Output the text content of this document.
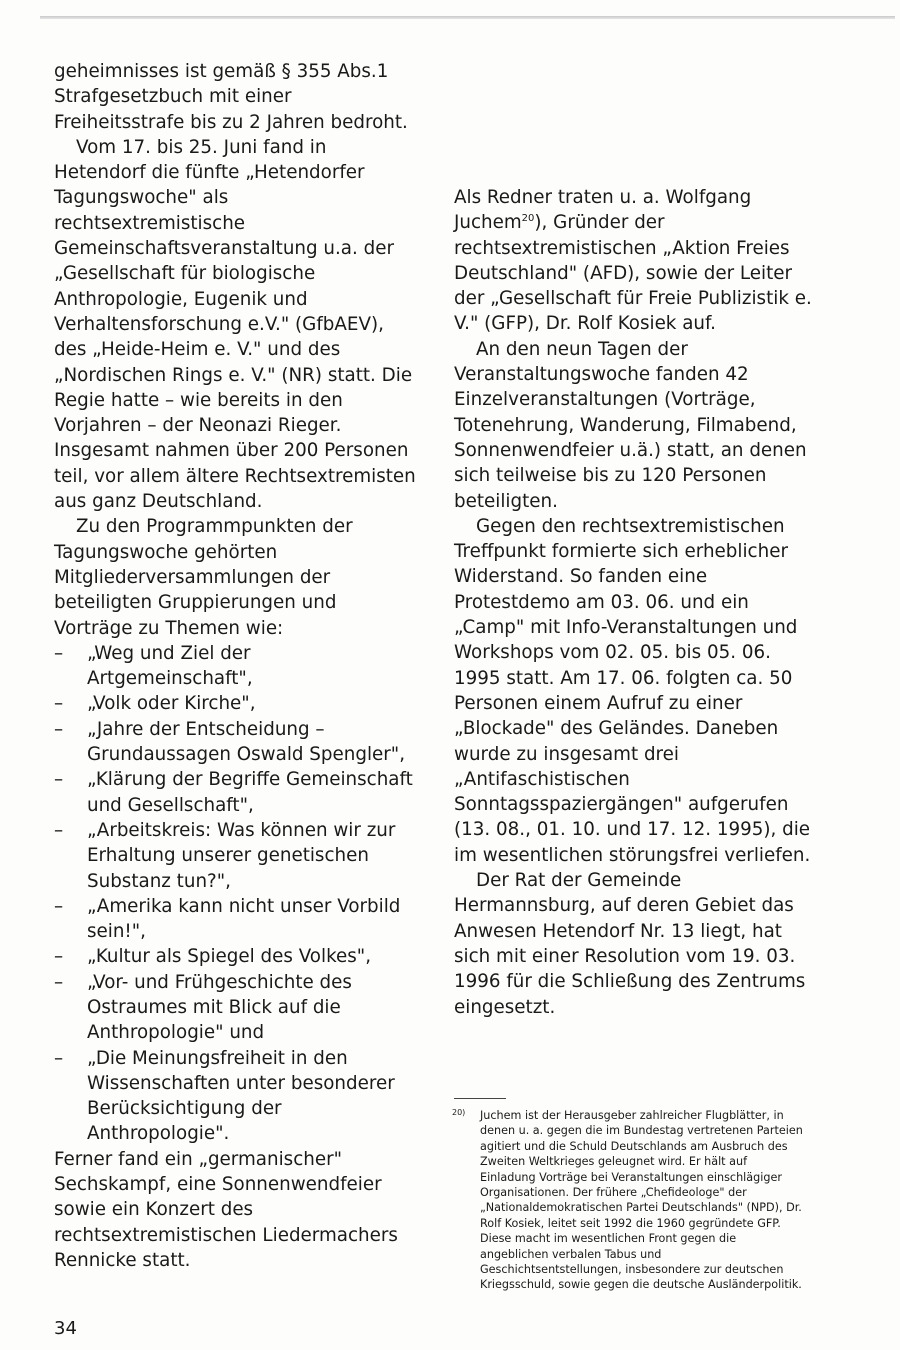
geheimnisses ist gemäß § 355 Abs.1 Strafgesetzbuch mit einer Freiheitsstrafe bis zu 2 Jahren bedroht.

Vom 17. bis 25. Juni fand in Hetendorf die fünfte „Hetendorfer Tagungswoche" als rechtsextremistische Gemeinschaftsveranstaltung u.a. der „Gesellschaft für biologische Anthropologie, Eugenik und Verhaltensforschung e.V." (GfbAEV), des „Heide-Heim e. V." und des „Nordischen Rings e. V." (NR) statt. Die Regie hatte – wie bereits in den Vorjahren – der Neonazi Rieger. Insgesamt nahmen über 200 Personen teil, vor allem ältere Rechtsextremisten aus ganz Deutschland.

Zu den Programmpunkten der Tagungswoche gehörten Mitgliederversammlungen der beteiligten Gruppierungen und Vorträge zu Themen wie:

– „Weg und Ziel der Artgemeinschaft",
– „Volk oder Kirche",
– „Jahre der Entscheidung – Grundaussagen Oswald Spengler",
– „Klärung der Begriffe Gemeinschaft und Gesellschaft",
– „Arbeitskreis: Was können wir zur Erhaltung unserer genetischen Substanz tun?",
– „Amerika kann nicht unser Vorbild sein!",
– „Kultur als Spiegel des Volkes",
– „Vor- und Frühgeschichte des Ostraumes mit Blick auf die Anthropologie" und
– „Die Meinungsfreiheit in den Wissenschaften unter besonderer Berücksichtigung der Anthropologie".

Ferner fand ein „germanischer" Sechskampf, eine Sonnenwendfeier sowie ein Konzert des rechtsextremistischen Liedermachers Rennicke statt.

Als Redner traten u. a. Wolfgang Juchem$^{20}$), Gründer der rechtsextremistischen „Aktion Freies Deutschland" (AFD), sowie der Leiter der „Gesellschaft für Freie Publizistik e. V." (GFP), Dr. Rolf Kosiek auf.

An den neun Tagen der Veranstaltungswoche fanden 42 Einzelveranstaltungen (Vorträge, Totenehrung, Wanderung, Filmabend, Sonnenwendfeier u.ä.) statt, an denen sich teilweise bis zu 120 Personen beteiligten.

Gegen den rechtsextremistischen Treffpunkt formierte sich erheblicher Widerstand. So fanden eine Protestdemo am 03. 06. und ein „Camp" mit Info-Veranstaltungen und Workshops vom 02. 05. bis 05. 06. 1995 statt. Am 17. 06. folgten ca. 50 Personen einem Aufruf zu einer „Blockade" des Geländes. Daneben wurde zu insgesamt drei „Antifaschistischen Sonntagsspaziergängen" aufgerufen (13. 08., 01. 10. und 17. 12. 1995), die im wesentlichen störungsfrei verliefen.

Der Rat der Gemeinde Hermannsburg, auf deren Gebiet das Anwesen Hetendorf Nr. 13 liegt, hat sich mit einer Resolution vom 19. 03. 1996 für die Schließung des Zentrums eingesetzt.

20)	Juchem ist der Herausgeber zahlreicher Flugblätter, in denen u. a. gegen die im Bundestag vertretenen Parteien agitiert und die Schuld Deutschlands am Ausbruch des Zweiten Weltkrieges geleugnet wird. Er hält auf Einladung Vorträge bei Veranstaltungen einschlägiger Organisationen. Der frühere „Chefideologe" der „Nationaldemokratischen Partei Deutschlands" (NPD), Dr. Rolf Kosiek, leitet seit 1992 die 1960 gegründete GFP. Diese macht im wesentlichen Front gegen die angeblichen verbalen Tabus und Geschichtsentstellungen, insbesondere zur deutschen Kriegsschuld, sowie gegen die deutsche Ausländerpolitik.

34
